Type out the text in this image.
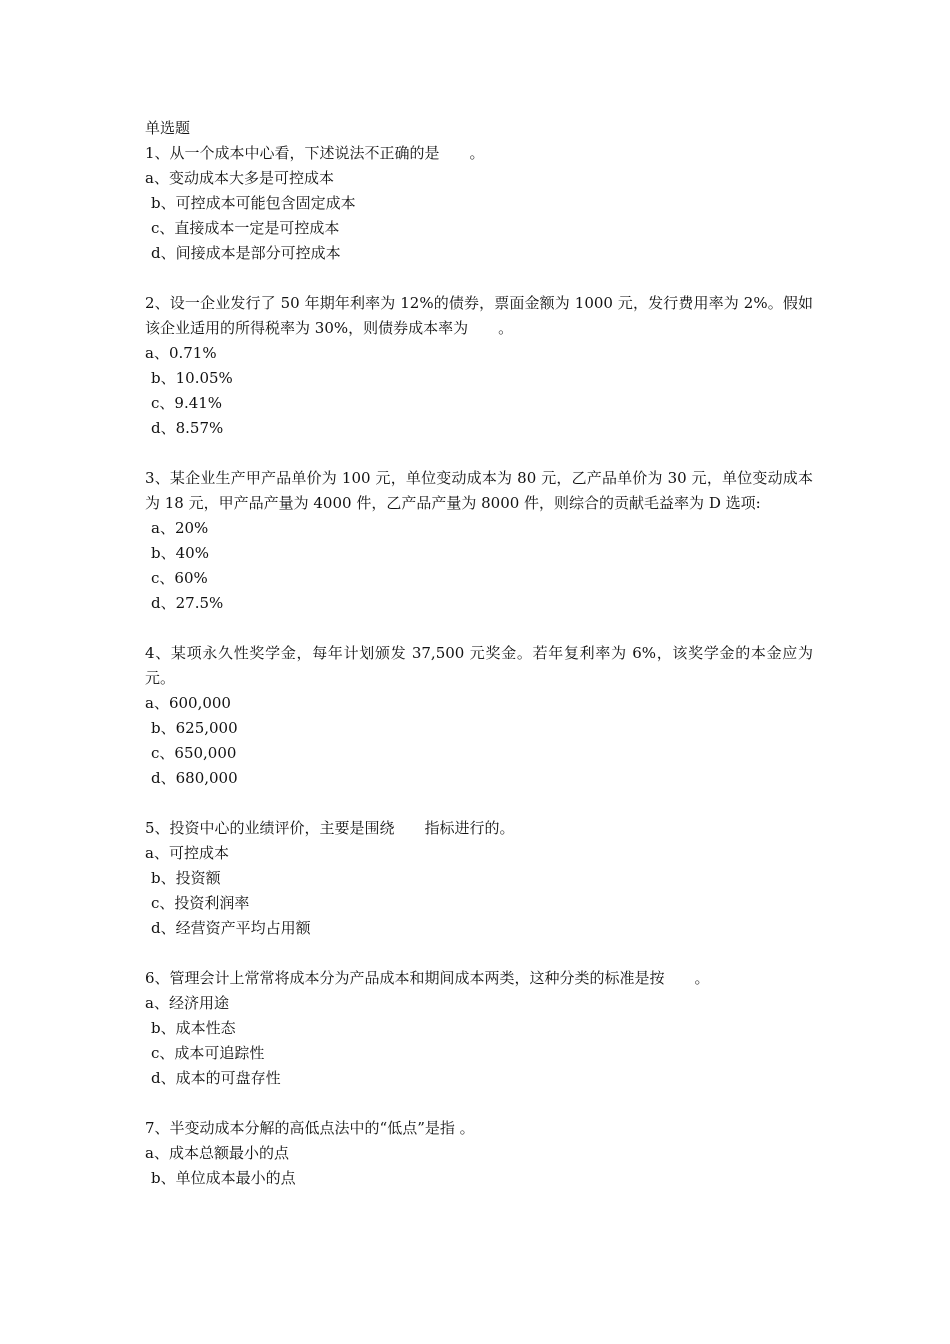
单选题
1、从一个成本中心看，下述说法不正确的是　　。
a、变动成本大多是可控成本
b、可控成本可能包含固定成本
c、直接成本一定是可控成本
d、间接成本是部分可控成本
2、设一企业发行了 50 年期年利率为 12%的债券，票面金额为 1000 元，发行费用率为 2%。假如该企业适用的所得税率为 30%，则债券成本率为　　。
a、0.71%
b、10.05%
c、9.41%
d、8.57%
3、某企业生产甲产品单价为 100 元，单位变动成本为 80 元，乙产品单价为 30 元，单位变动成本为 18 元，甲产品产量为 4000 件，乙产品产量为 8000 件，则综合的贡献毛益率为 D 选项:
a、20%
b、40%
c、60%
d、27.5%
4、某项永久性奖学金，每年计划颁发 37,500 元奖金。若年复利率为 6%，该奖学金的本金应为　　元。
a、600,000
b、625,000
c、650,000
d、680,000
5、投资中心的业绩评价，主要是围绕　　指标进行的。
a、可控成本
b、投资额
c、投资利润率
d、经营资产平均占用额
6、管理会计上常常将成本分为产品成本和期间成本两类，这种分类的标准是按　　。
a、经济用途
b、成本性态
c、成本可追踪性
d、成本的可盘存性
7、半变动成本分解的高低点法中的“低点”是指 。
a、成本总额最小的点
b、单位成本最小的点
